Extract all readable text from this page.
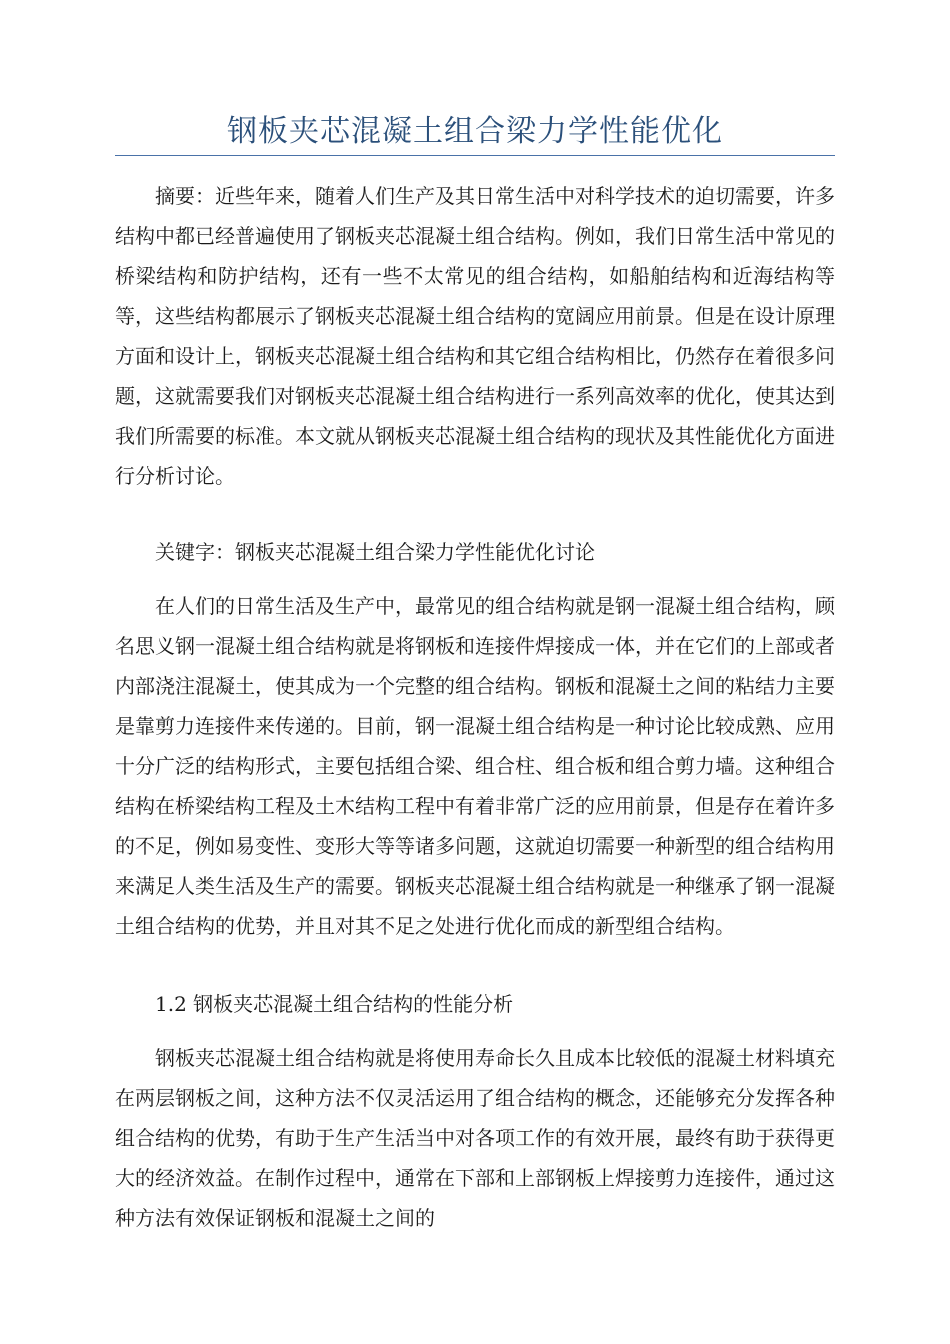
钢板夹芯混凝土组合梁力学性能优化

摘要：近些年来，随着人们生产及其日常生活中对科学技术的迫切需要，许多结构中都已经普遍使用了钢板夹芯混凝土组合结构。例如，我们日常生活中常见的桥梁结构和防护结构，还有一些不太常见的组合结构，如船舶结构和近海结构等等，这些结构都展示了钢板夹芯混凝土组合结构的宽阔应用前景。但是在设计原理方面和设计上，钢板夹芯混凝土组合结构和其它组合结构相比，仍然存在着很多问题，这就需要我们对钢板夹芯混凝土组合结构进行一系列高效率的优化，使其达到我们所需要的标准。本文就从钢板夹芯混凝土组合结构的现状及其性能优化方面进行分析讨论。

关键字：钢板夹芯混凝土组合梁力学性能优化讨论

在人们的日常生活及生产中，最常见的组合结构就是钢一混凝土组合结构，顾名思义钢一混凝土组合结构就是将钢板和连接件焊接成一体，并在它们的上部或者内部浇注混凝土，使其成为一个完整的组合结构。钢板和混凝土之间的粘结力主要是靠剪力连接件来传递的。目前，钢一混凝土组合结构是一种讨论比较成熟、应用十分广泛的结构形式，主要包括组合梁、组合柱、组合板和组合剪力墙。这种组合结构在桥梁结构工程及土木结构工程中有着非常广泛的应用前景，但是存在着许多的不足，例如易变性、变形大等等诸多问题，这就迫切需要一种新型的组合结构用来满足人类生活及生产的需要。钢板夹芯混凝土组合结构就是一种继承了钢一混凝土组合结构的优势，并且对其不足之处进行优化而成的新型组合结构。

1.2 钢板夹芯混凝土组合结构的性能分析

钢板夹芯混凝土组合结构就是将使用寿命长久且成本比较低的混凝土材料填充在两层钢板之间，这种方法不仅灵活运用了组合结构的概念，还能够充分发挥各种组合结构的优势，有助于生产生活当中对各项工作的有效开展，最终有助于获得更大的经济效益。在制作过程中，通常在下部和上部钢板上焊接剪力连接件，通过这种方法有效保证钢板和混凝土之间的
